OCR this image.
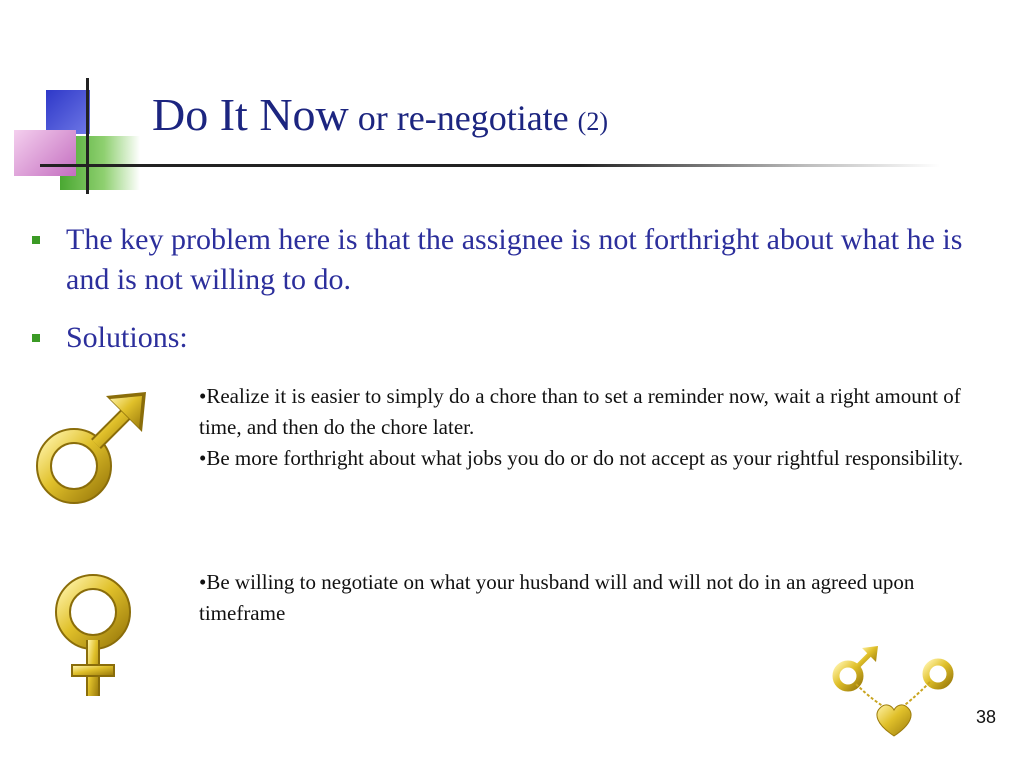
Do It Now or re-negotiate (2)
The key problem here is that the assignee is not forthright about what he is and is not willing to do.
Solutions:
•Realize it is easier to simply do a chore than to set a reminder now, wait a right amount of time, and then do the chore later.
•Be more forthright about what jobs you do or do not accept as your rightful responsibility.
•Be willing to negotiate on what your husband will and will not do in an agreed upon timeframe
38
